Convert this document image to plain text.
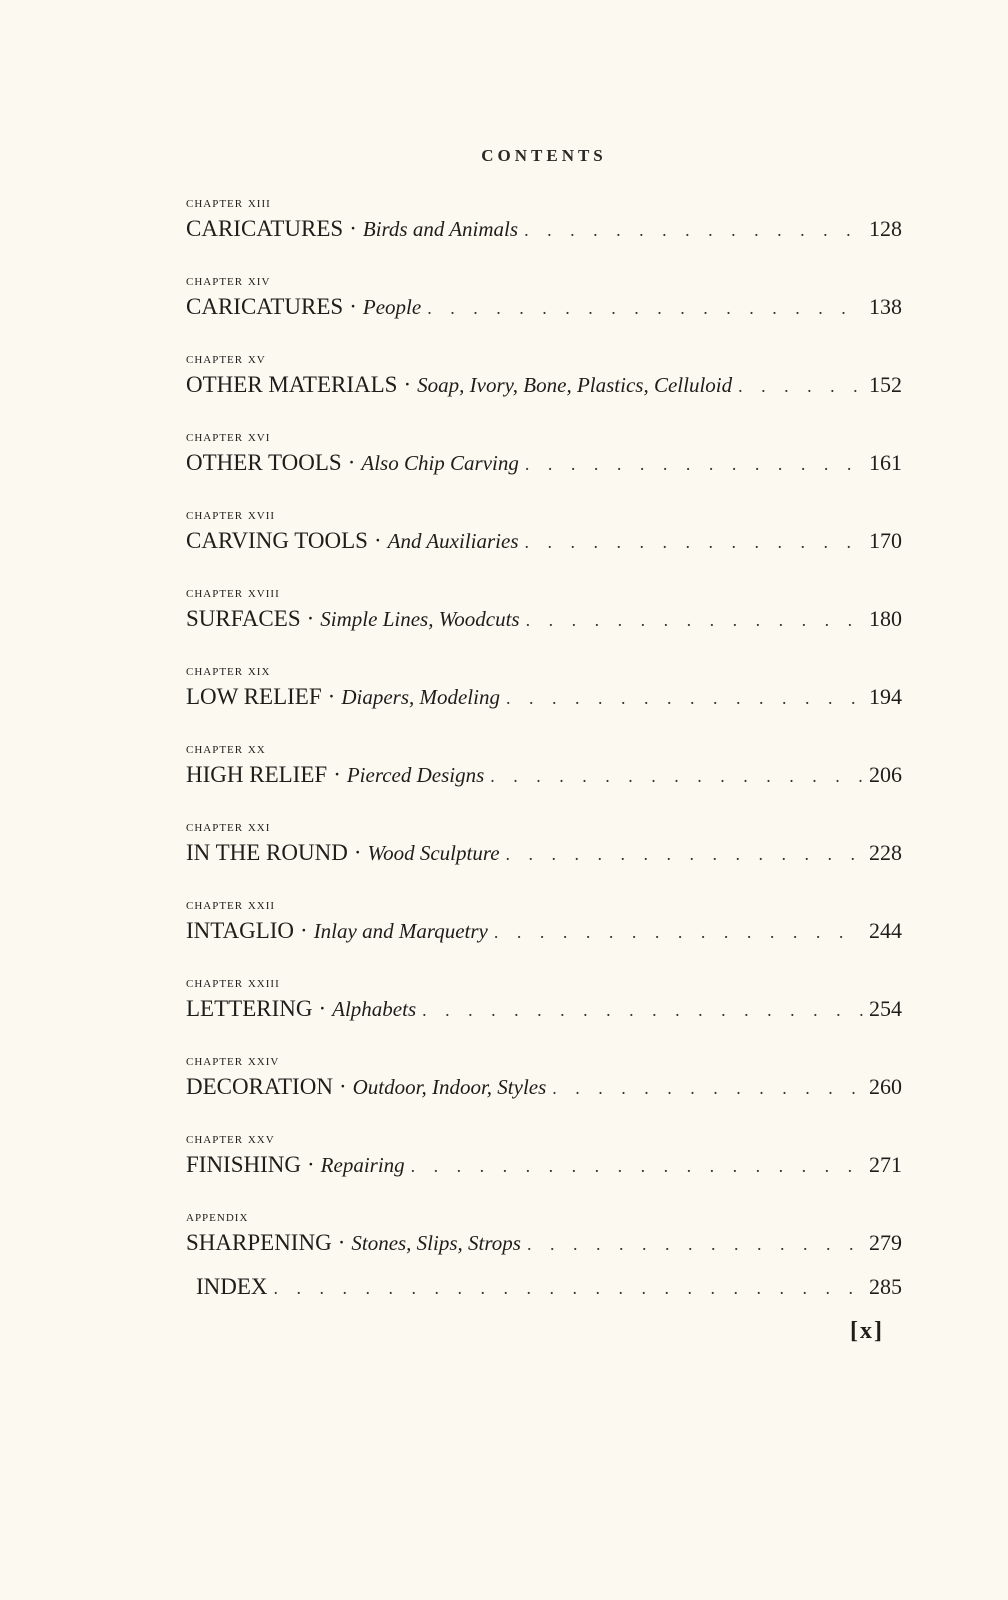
CONTENTS
chapter xiii
CARICATURES · Birds and Animals . . .	128
chapter xiv
CARICATURES · People . . .	138
chapter xv
OTHER MATERIALS · Soap, Ivory, Bone, Plastics, Celluloid . . .	152
chapter xvi
OTHER TOOLS · Also Chip Carving . . .	161
chapter xvii
CARVING TOOLS · And Auxiliaries . . .	170
chapter xviii
SURFACES · Simple Lines, Woodcuts . . .	180
chapter xix
LOW RELIEF · Diapers, Modeling . . .	194
chapter xx
HIGH RELIEF · Pierced Designs . . .	206
chapter xxi
IN THE ROUND · Wood Sculpture . . .	228
chapter xxii
INTAGLIO · Inlay and Marquetry . . .	244
chapter xxiii
LETTERING · Alphabets . . .	254
chapter xxiv
DECORATION · Outdoor, Indoor, Styles . . .	260
chapter xxv
FINISHING · Repairing . . .	271
appendix
SHARPENING · Stones, Slips, Strops . . .	279
INDEX . . .	285
[x]
